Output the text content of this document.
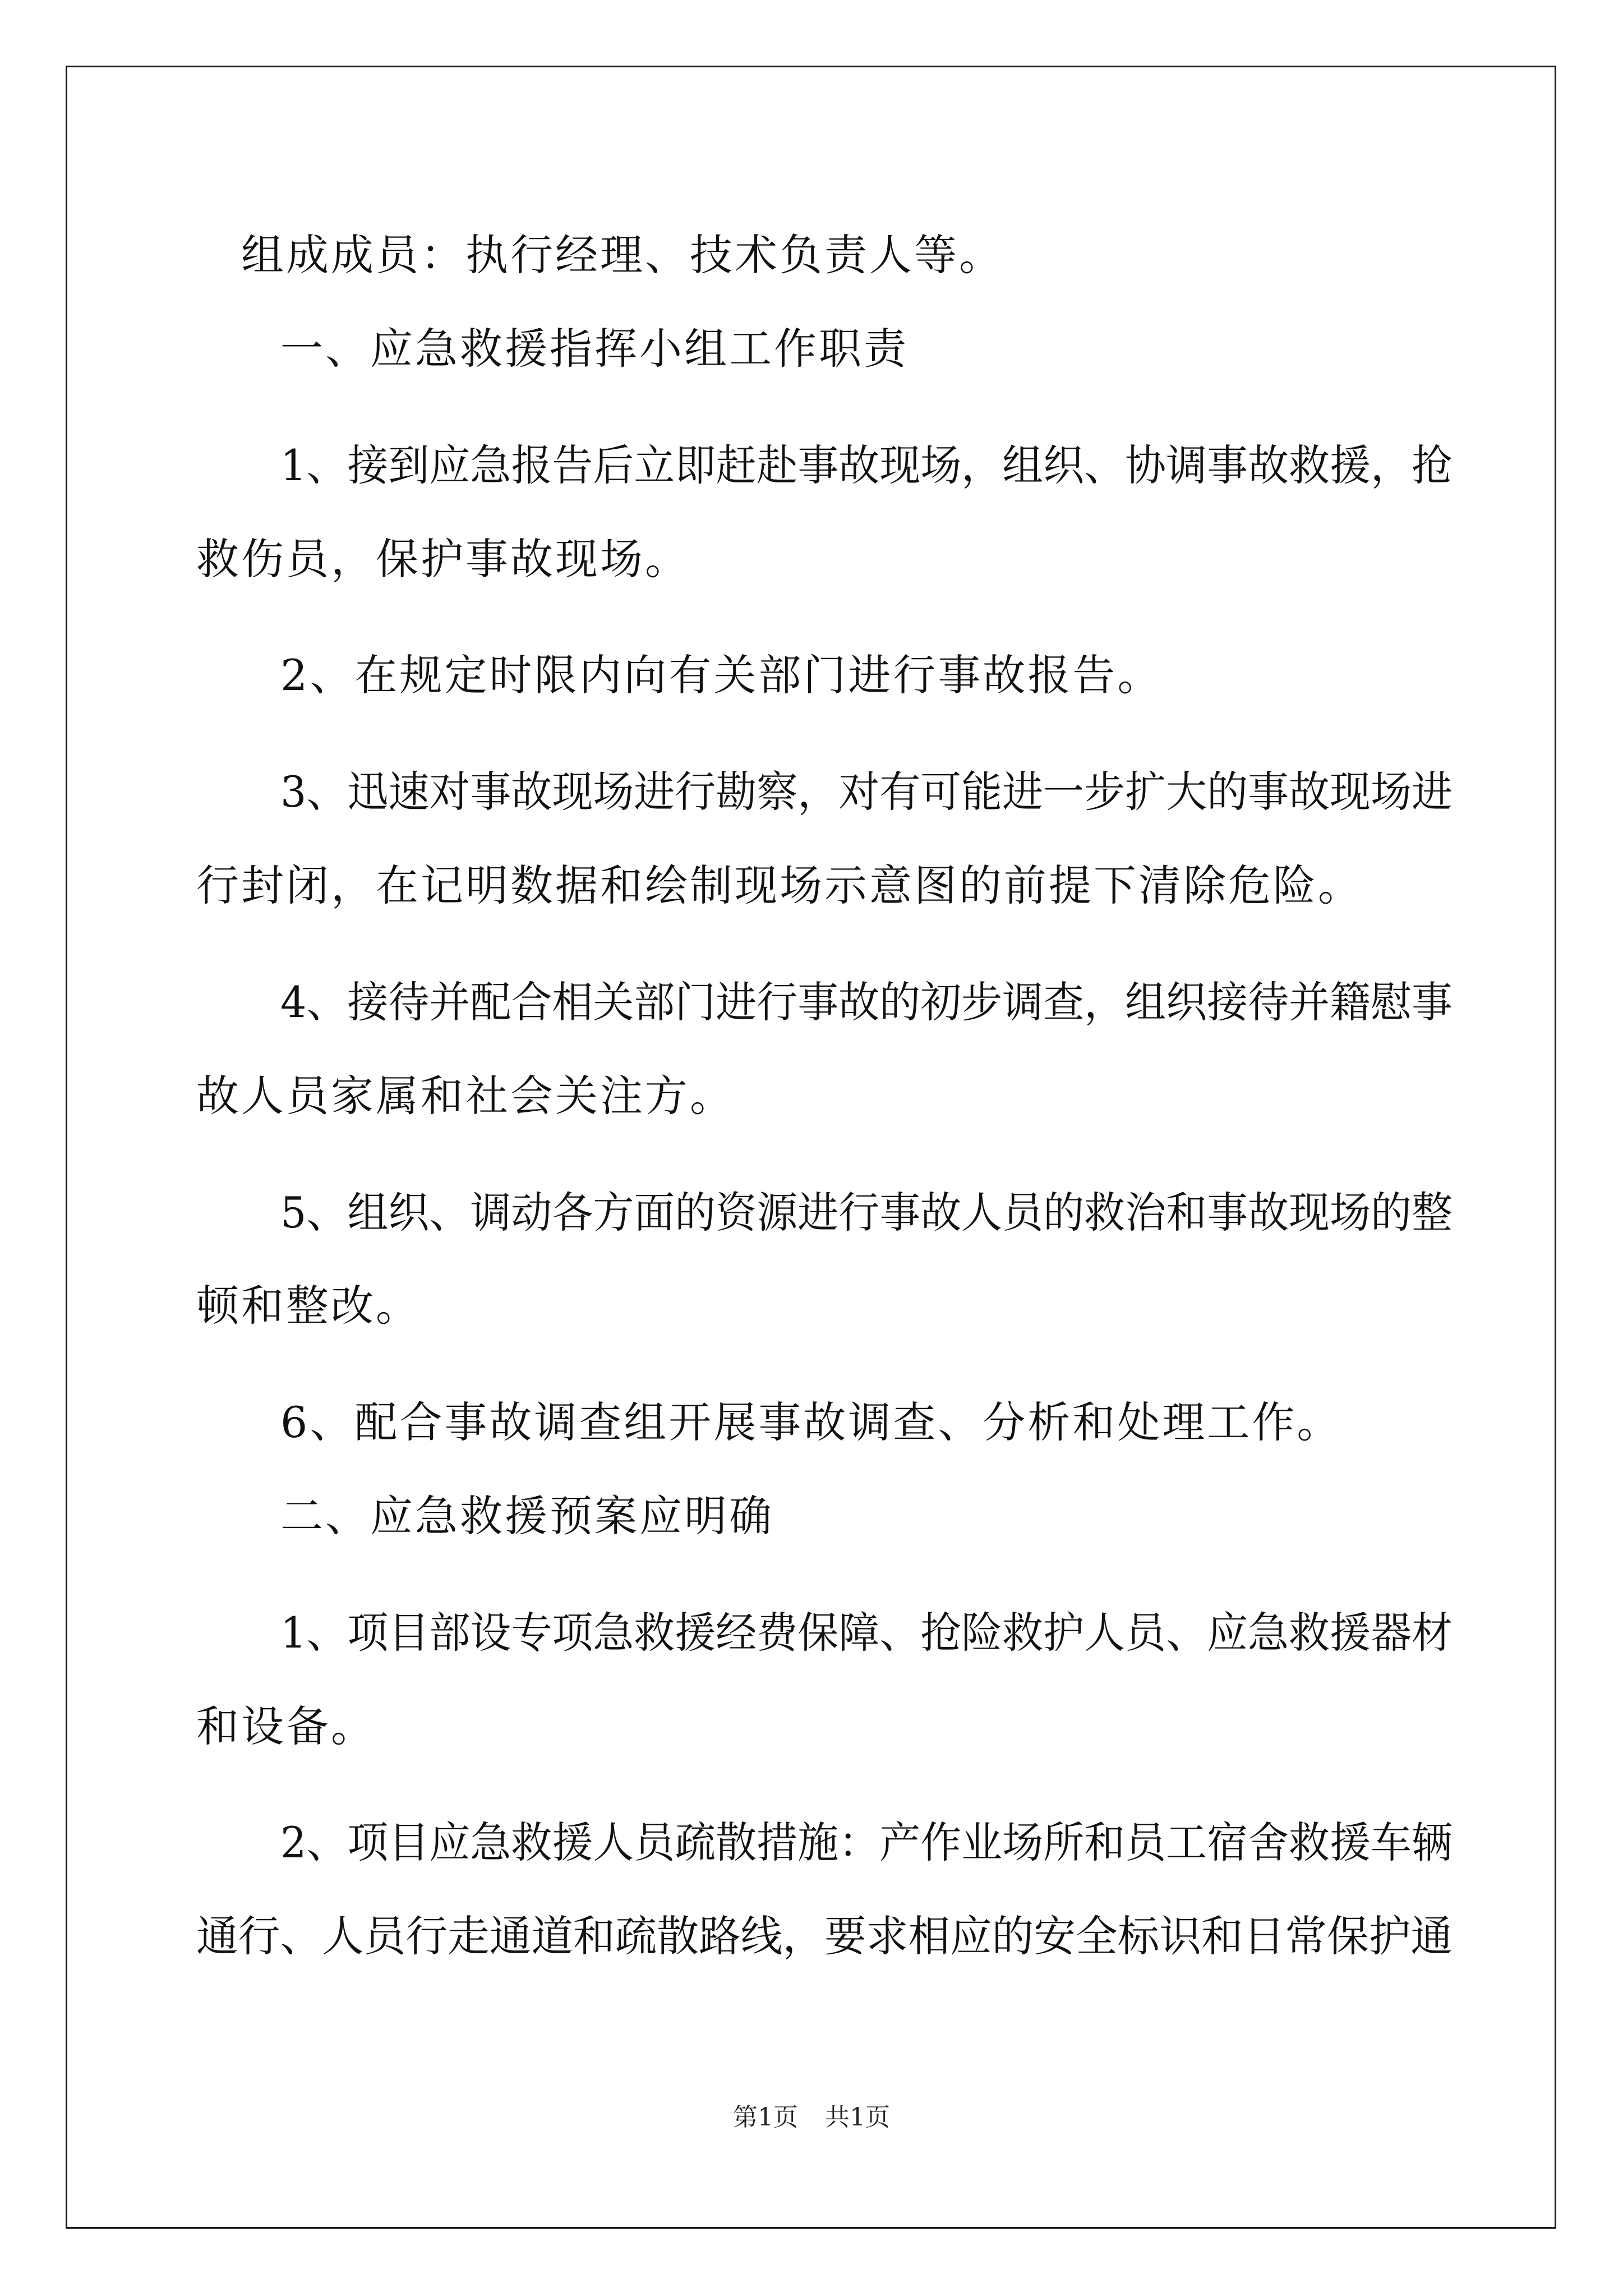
组成成员：执行经理、技术负责人等。
一、应急救援指挥小组工作职责
1、接到应急报告后立即赶赴事故现场，组织、协调事故救援，抢
救伤员，保护事故现场。
2、在规定时限内向有关部门进行事故报告。
3、迅速对事故现场进行勘察，对有可能进一步扩大的事故现场进
行封闭，在记明数据和绘制现场示意图的前提下清除危险。
4、接待并配合相关部门进行事故的初步调查，组织接待并籍慰事
故人员家属和社会关注方。
5、组织、调动各方面的资源进行事故人员的救治和事故现场的整
顿和整改。
6、配合事故调查组开展事故调查、分析和处理工作。
二、应急救援预案应明确
1、项目部设专项急救援经费保障、抢险救护人员、应急救援器材
和设备。
2、项目应急救援人员疏散措施：产作业场所和员工宿舍救援车辆
通行、人员行走通道和疏散路线，要求相应的安全标识和日常保护通
第1页 共1页
